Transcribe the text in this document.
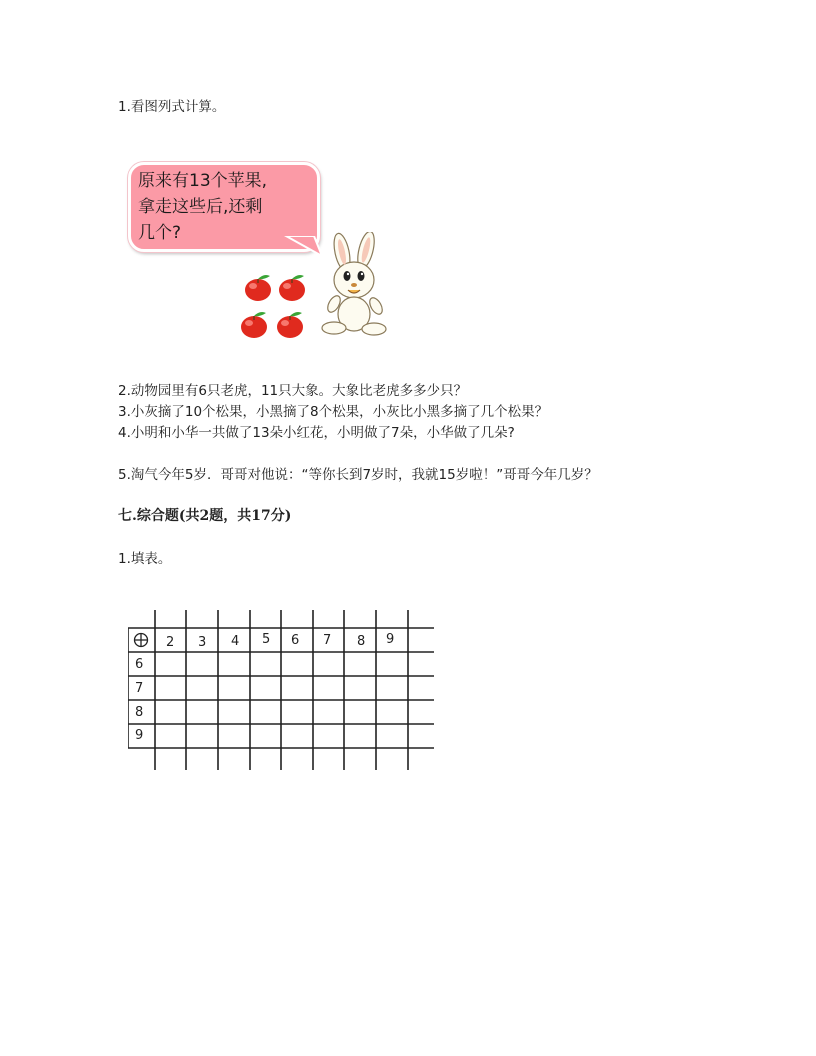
1.看图列式计算。
原来有13个苹果,
拿走这些后,还剩
几个?
2.动物园里有6只老虎，11只大象。大象比老虎多多少只？
3.小灰摘了10个松果，小黑摘了8个松果，小灰比小黑多摘了几个松果？
4.小明和小华一共做了13朵小红花，小明做了7朵，小华做了几朵?
5.淘气今年5岁．哥哥对他说：“等你长到7岁时，我就15岁啦！”哥哥今年几岁？
七.综合题(共2题，共17分)
1.填表。
2 3 4 5 6 7 8 9
6
7
8
9
